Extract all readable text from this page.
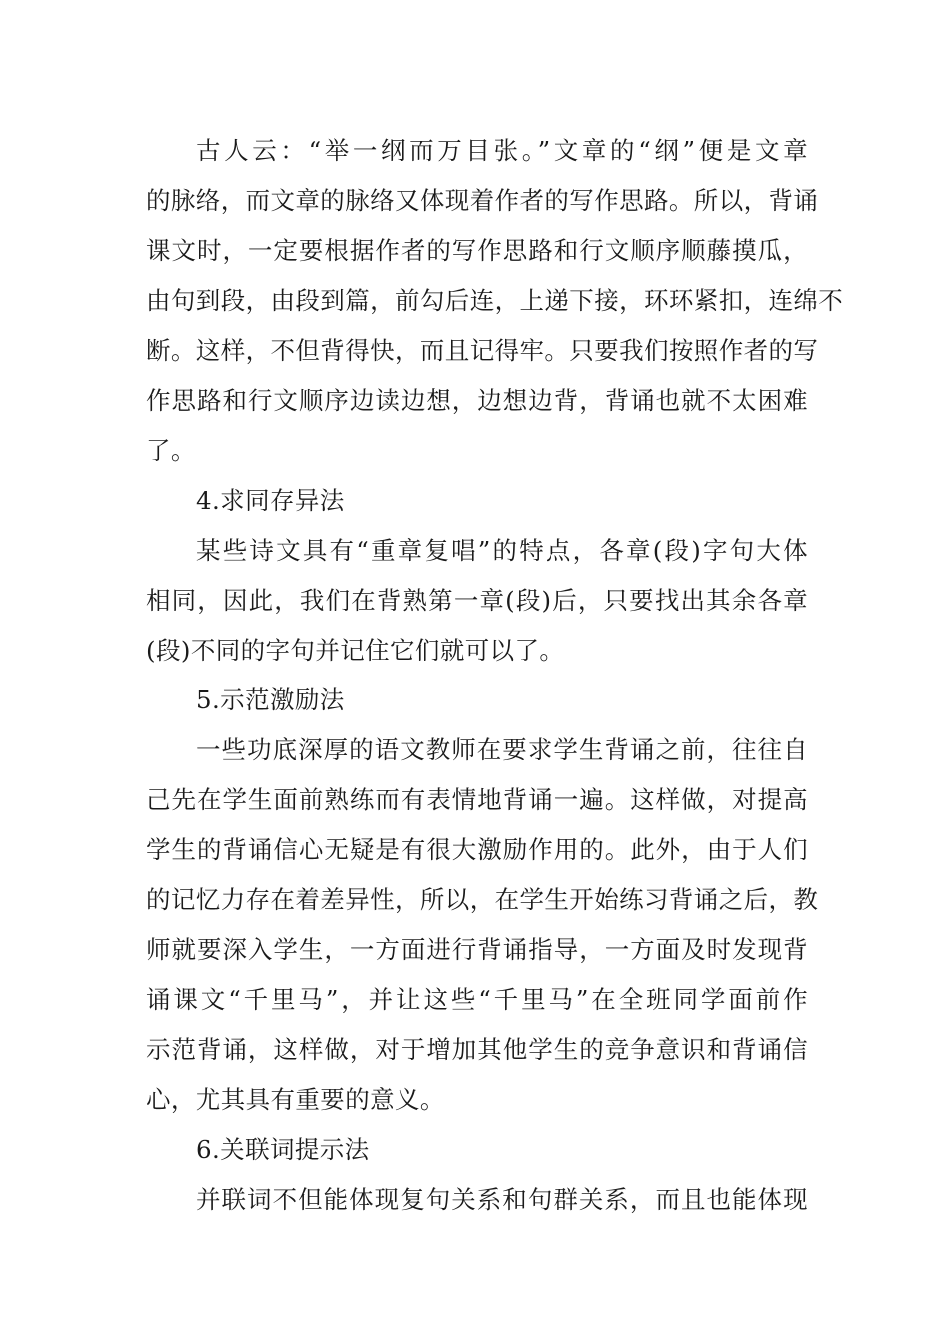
古人云：“举一纲而万目张。”文章的“纲”便是文章
的脉络，而文章的脉络又体现着作者的写作思路。所以，背诵
课文时，一定要根据作者的写作思路和行文顺序顺藤摸瓜，
由句到段，由段到篇，前勾后连，上递下接，环环紧扣，连绵不
断。这样，不但背得快，而且记得牢。只要我们按照作者的写
作思路和行文顺序边读边想，边想边背，背诵也就不太困难
了。
4.求同存异法
某些诗文具有“重章复唱”的特点，各章(段)字句大体
相同，因此，我们在背熟第一章(段)后，只要找出其余各章
(段)不同的字句并记住它们就可以了。
5.示范激励法
一些功底深厚的语文教师在要求学生背诵之前，往往自
己先在学生面前熟练而有表情地背诵一遍。这样做，对提高
学生的背诵信心无疑是有很大激励作用的。此外，由于人们
的记忆力存在着差异性，所以，在学生开始练习背诵之后，教
师就要深入学生，一方面进行背诵指导，一方面及时发现背
诵课文“千里马”，并让这些“千里马”在全班同学面前作
示范背诵，这样做，对于增加其他学生的竞争意识和背诵信
心，尤其具有重要的意义。
6.关联词提示法
并联词不但能体现复句关系和句群关系，而且也能体现
